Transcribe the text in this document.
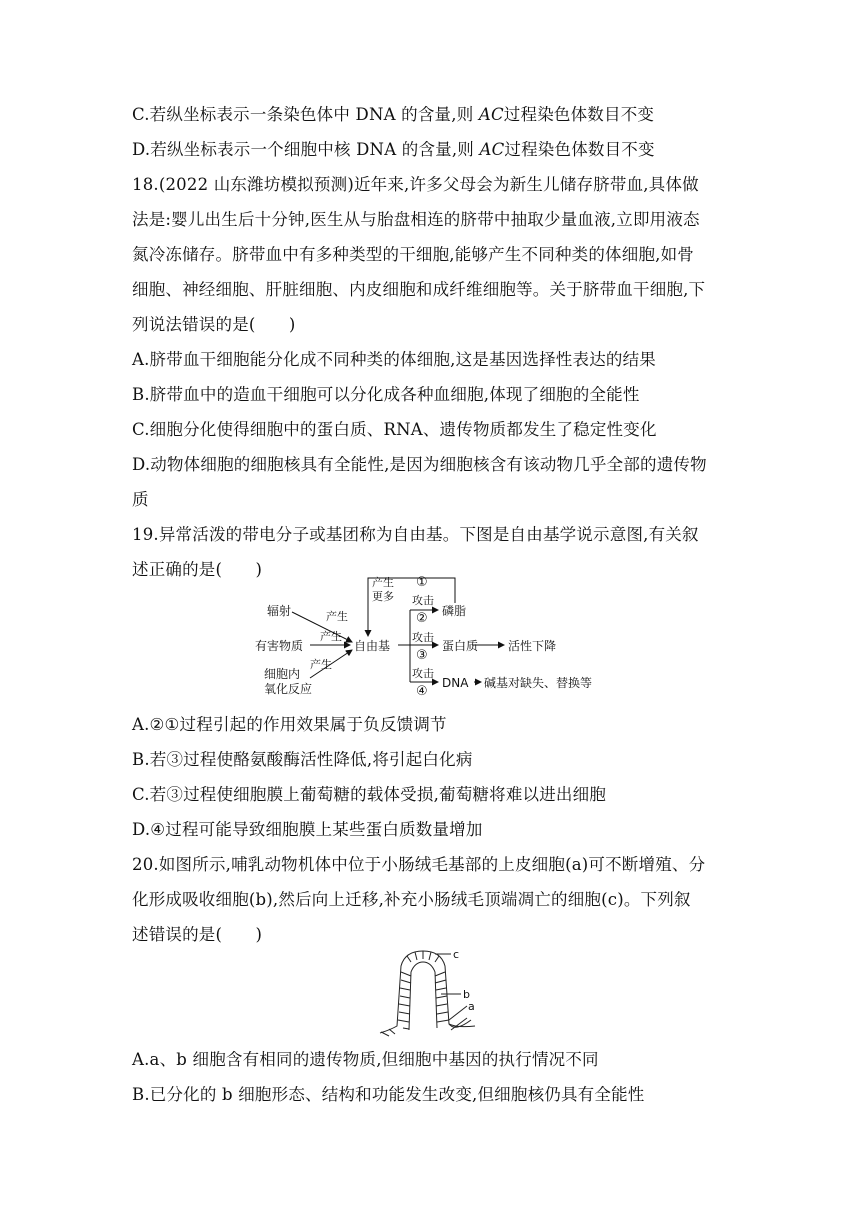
C.若纵坐标表示一条染色体中 DNA 的含量,则 AC过程染色体数目不变
D.若纵坐标表示一个细胞中核 DNA 的含量,则 AC过程染色体数目不变
18.(2022 山东潍坊模拟预测)近年来,许多父母会为新生儿储存脐带血,具体做
法是:婴儿出生后十分钟,医生从与胎盘相连的脐带中抽取少量血液,立即用液态
氮冷冻储存。脐带血中有多种类型的干细胞,能够产生不同种类的体细胞,如骨
细胞、神经细胞、肝脏细胞、内皮细胞和成纤维细胞等。关于脐带血干细胞,下
列说法错误的是(　　)
A.脐带血干细胞能分化成不同种类的体细胞,这是基因选择性表达的结果
B.脐带血中的造血干细胞可以分化成各种血细胞,体现了细胞的全能性
C.细胞分化使得细胞中的蛋白质、RNA、遗传物质都发生了稳定性变化
D.动物体细胞的细胞核具有全能性,是因为细胞核含有该动物几乎全部的遗传物
质
19.异常活泼的带电分子或基团称为自由基。下图是自由基学说示意图,有关叙
述正确的是(　　)
辐射
有害物质
细胞内
氧化反应
产生
产生
产生
自由基
产生
更多
①
攻击
② 磷脂
攻击
③
蛋白质 活性下降
攻击
④
DNA 碱基对缺失、替换等
A.②①过程引起的作用效果属于负反馈调节
B.若③过程使酪氨酸酶活性降低,将引起白化病
C.若③过程使细胞膜上葡萄糖的载体受损,葡萄糖将难以进出细胞
D.④过程可能导致细胞膜上某些蛋白质数量增加
20.如图所示,哺乳动物机体中位于小肠绒毛基部的上皮细胞(a)可不断增殖、分
化形成吸收细胞(b),然后向上迁移,补充小肠绒毛顶端凋亡的细胞(c)。下列叙
述错误的是(　　)
c
b
a
A.a、b 细胞含有相同的遗传物质,但细胞中基因的执行情况不同
B.已分化的 b 细胞形态、结构和功能发生改变,但细胞核仍具有全能性
